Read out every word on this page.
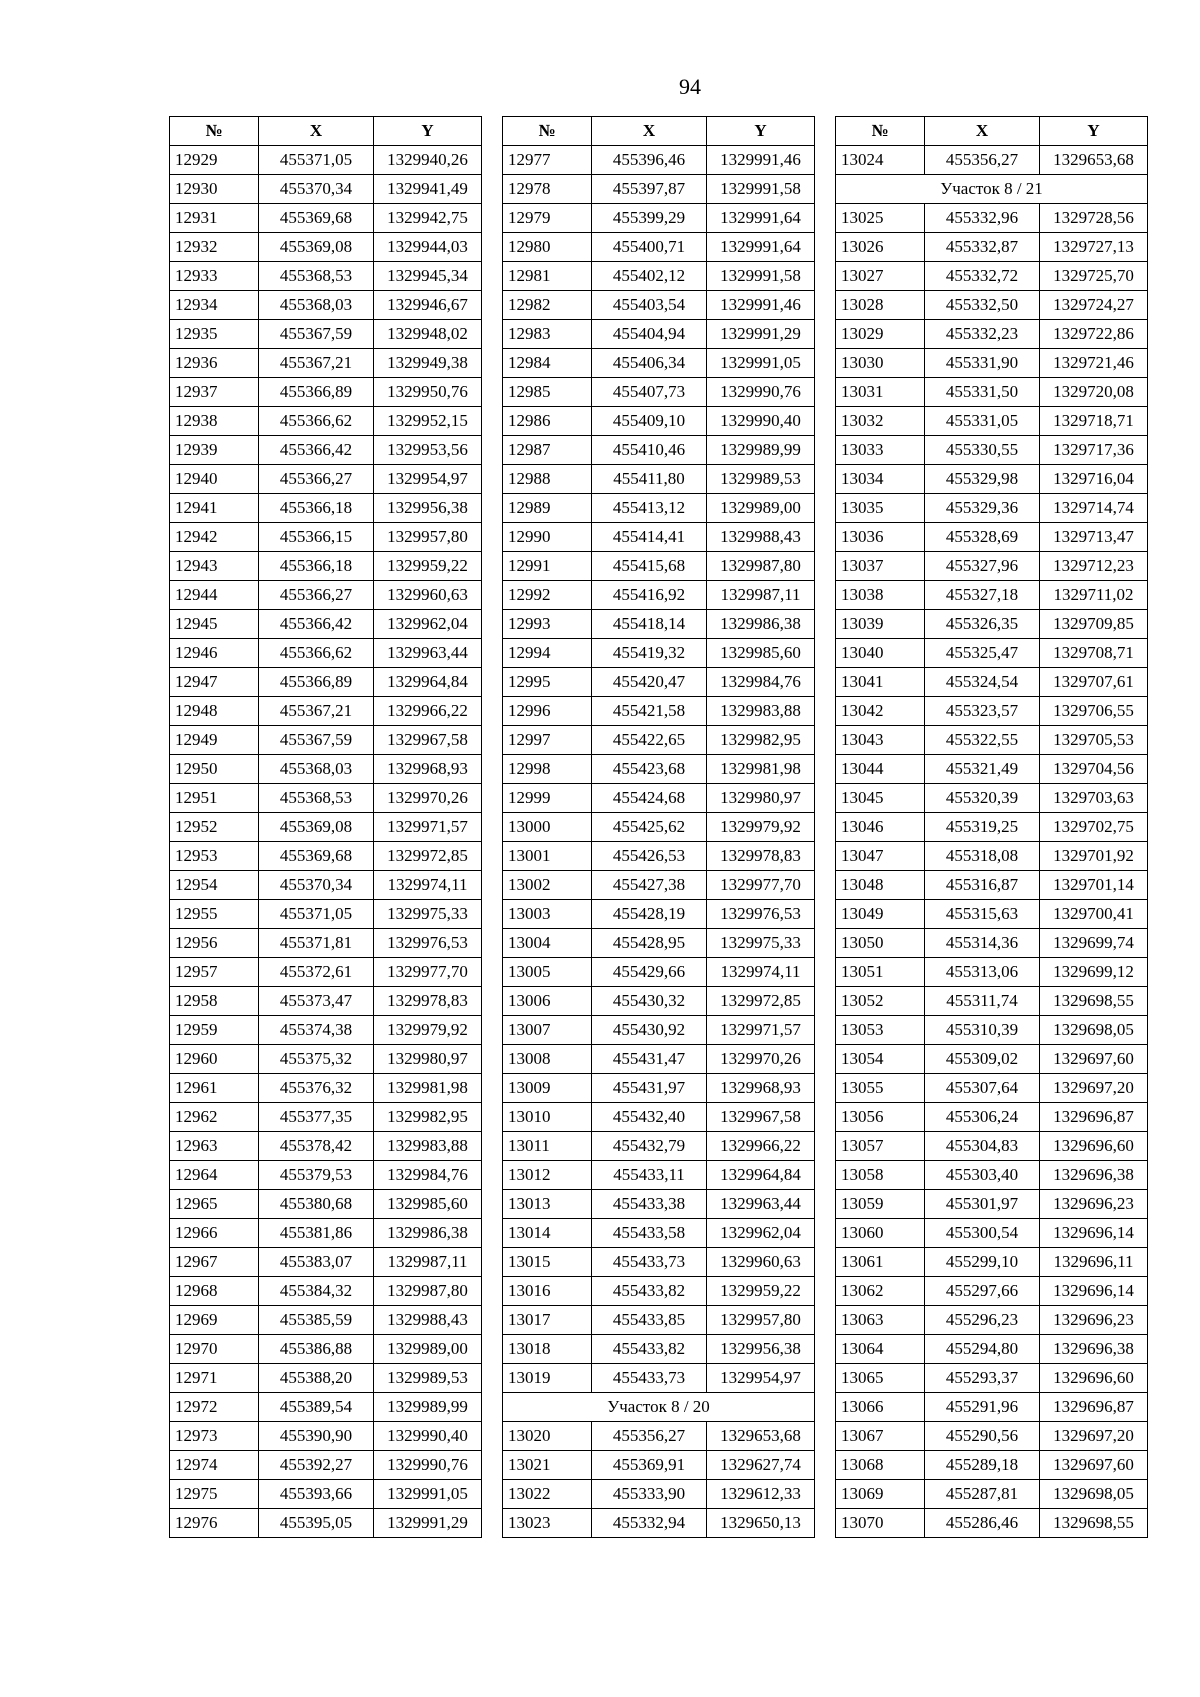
94
№	X	Y
12929	455371,05	1329940,26
12930	455370,34	1329941,49
12931	455369,68	1329942,75
12932	455369,08	1329944,03
12933	455368,53	1329945,34
12934	455368,03	1329946,67
12935	455367,59	1329948,02
12936	455367,21	1329949,38
12937	455366,89	1329950,76
12938	455366,62	1329952,15
12939	455366,42	1329953,56
12940	455366,27	1329954,97
12941	455366,18	1329956,38
12942	455366,15	1329957,80
12943	455366,18	1329959,22
12944	455366,27	1329960,63
12945	455366,42	1329962,04
12946	455366,62	1329963,44
12947	455366,89	1329964,84
12948	455367,21	1329966,22
12949	455367,59	1329967,58
12950	455368,03	1329968,93
12951	455368,53	1329970,26
12952	455369,08	1329971,57
12953	455369,68	1329972,85
12954	455370,34	1329974,11
12955	455371,05	1329975,33
12956	455371,81	1329976,53
12957	455372,61	1329977,70
12958	455373,47	1329978,83
12959	455374,38	1329979,92
12960	455375,32	1329980,97
12961	455376,32	1329981,98
12962	455377,35	1329982,95
12963	455378,42	1329983,88
12964	455379,53	1329984,76
12965	455380,68	1329985,60
12966	455381,86	1329986,38
12967	455383,07	1329987,11
12968	455384,32	1329987,80
12969	455385,59	1329988,43
12970	455386,88	1329989,00
12971	455388,20	1329989,53
12972	455389,54	1329989,99
12973	455390,90	1329990,40
12974	455392,27	1329990,76
12975	455393,66	1329991,05
12976	455395,05	1329991,29
№	X	Y
12977	455396,46	1329991,46
12978	455397,87	1329991,58
12979	455399,29	1329991,64
12980	455400,71	1329991,64
12981	455402,12	1329991,58
12982	455403,54	1329991,46
12983	455404,94	1329991,29
12984	455406,34	1329991,05
12985	455407,73	1329990,76
12986	455409,10	1329990,40
12987	455410,46	1329989,99
12988	455411,80	1329989,53
12989	455413,12	1329989,00
12990	455414,41	1329988,43
12991	455415,68	1329987,80
12992	455416,92	1329987,11
12993	455418,14	1329986,38
12994	455419,32	1329985,60
12995	455420,47	1329984,76
12996	455421,58	1329983,88
12997	455422,65	1329982,95
12998	455423,68	1329981,98
12999	455424,68	1329980,97
13000	455425,62	1329979,92
13001	455426,53	1329978,83
13002	455427,38	1329977,70
13003	455428,19	1329976,53
13004	455428,95	1329975,33
13005	455429,66	1329974,11
13006	455430,32	1329972,85
13007	455430,92	1329971,57
13008	455431,47	1329970,26
13009	455431,97	1329968,93
13010	455432,40	1329967,58
13011	455432,79	1329966,22
13012	455433,11	1329964,84
13013	455433,38	1329963,44
13014	455433,58	1329962,04
13015	455433,73	1329960,63
13016	455433,82	1329959,22
13017	455433,85	1329957,80
13018	455433,82	1329956,38
13019	455433,73	1329954,97
Участок 8 / 20		
13020	455356,27	1329653,68
13021	455369,91	1329627,74
13022	455333,90	1329612,33
13023	455332,94	1329650,13
№	X	Y
13024	455356,27	1329653,68
Участок 8 / 21		
13025	455332,96	1329728,56
13026	455332,87	1329727,13
13027	455332,72	1329725,70
13028	455332,50	1329724,27
13029	455332,23	1329722,86
13030	455331,90	1329721,46
13031	455331,50	1329720,08
13032	455331,05	1329718,71
13033	455330,55	1329717,36
13034	455329,98	1329716,04
13035	455329,36	1329714,74
13036	455328,69	1329713,47
13037	455327,96	1329712,23
13038	455327,18	1329711,02
13039	455326,35	1329709,85
13040	455325,47	1329708,71
13041	455324,54	1329707,61
13042	455323,57	1329706,55
13043	455322,55	1329705,53
13044	455321,49	1329704,56
13045	455320,39	1329703,63
13046	455319,25	1329702,75
13047	455318,08	1329701,92
13048	455316,87	1329701,14
13049	455315,63	1329700,41
13050	455314,36	1329699,74
13051	455313,06	1329699,12
13052	455311,74	1329698,55
13053	455310,39	1329698,05
13054	455309,02	1329697,60
13055	455307,64	1329697,20
13056	455306,24	1329696,87
13057	455304,83	1329696,60
13058	455303,40	1329696,38
13059	455301,97	1329696,23
13060	455300,54	1329696,14
13061	455299,10	1329696,11
13062	455297,66	1329696,14
13063	455296,23	1329696,23
13064	455294,80	1329696,38
13065	455293,37	1329696,60
13066	455291,96	1329696,87
13067	455290,56	1329697,20
13068	455289,18	1329697,60
13069	455287,81	1329698,05
13070	455286,46	1329698,55
